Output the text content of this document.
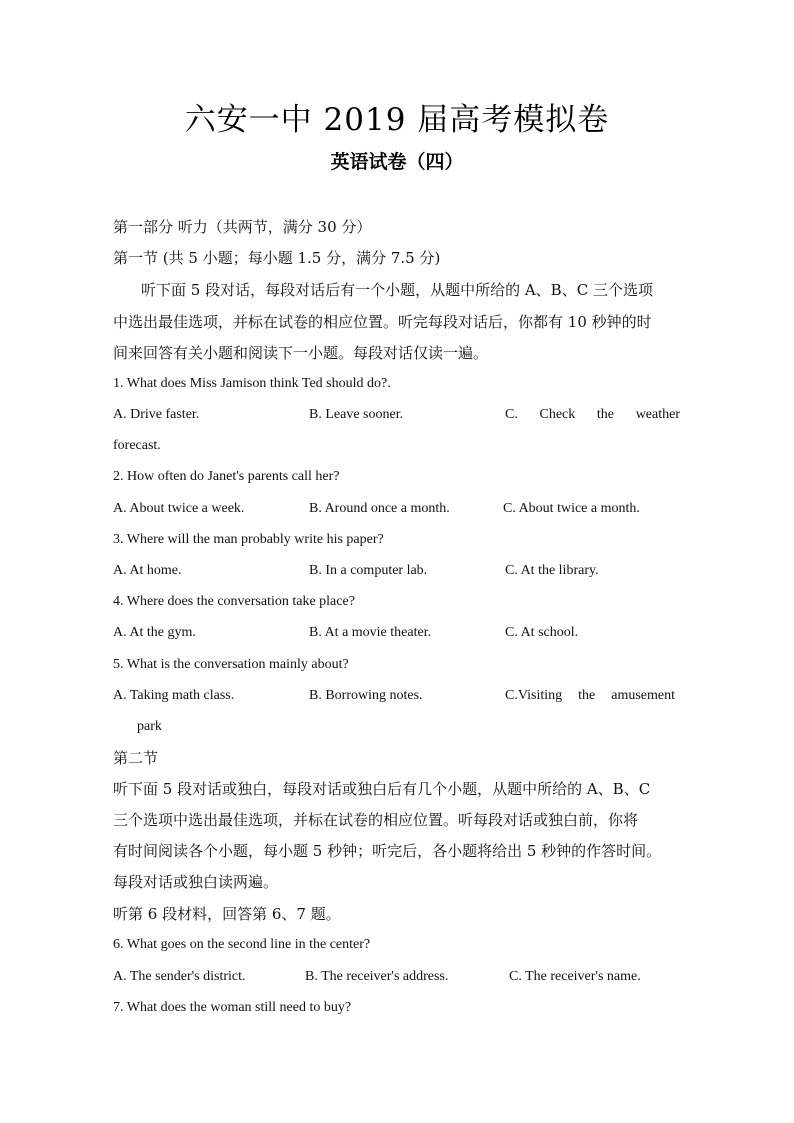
六安一中 2019 届高考模拟卷
英语试卷（四）
第一部分 听力（共两节，满分 30 分）
第一节 (共 5 小题；每小题 1.5 分，满分 7.5 分)
听下面 5 段对话，每段对话后有一个小题，从题中所给的 A、B、C 三个选项
中选出最佳选项，并标在试卷的相应位置。听完每段对话后，你都有 10 秒钟的时
间来回答有关小题和阅读下一小题。每段对话仅读一遍。
1. What does Miss Jamison think Ted should do?.
A. Drive faster.	B. Leave sooner.	C. Check the weather
forecast.
2. How often do Janet's parents call her?
A. About twice a week.	B. Around once a month.	C. About twice a month.
3. Where will the man probably write his paper?
A. At home.	B. In a computer lab.	C. At the library.
4. Where does the conversation take place?
A. At the gym.	B. At a movie theater.	C. At school.
5. What is the conversation mainly about?
A. Taking math class.	B. Borrowing notes.	C.Visiting the amusement
park
第二节
听下面 5 段对话或独白，每段对话或独白后有几个小题，从题中所给的 A、B、C
三个选项中选出最佳选项，并标在试卷的相应位置。听每段对话或独白前，你将
有时间阅读各个小题，每小题 5 秒钟；听完后，各小题将给出 5 秒钟的作答时间。
每段对话或独白读两遍。
听第 6 段材料，回答第 6、7 题。
6. What goes on the second line in the center?
A. The sender's district.	B. The receiver's address.	C. The receiver's name.
7. What does the woman still need to buy?
